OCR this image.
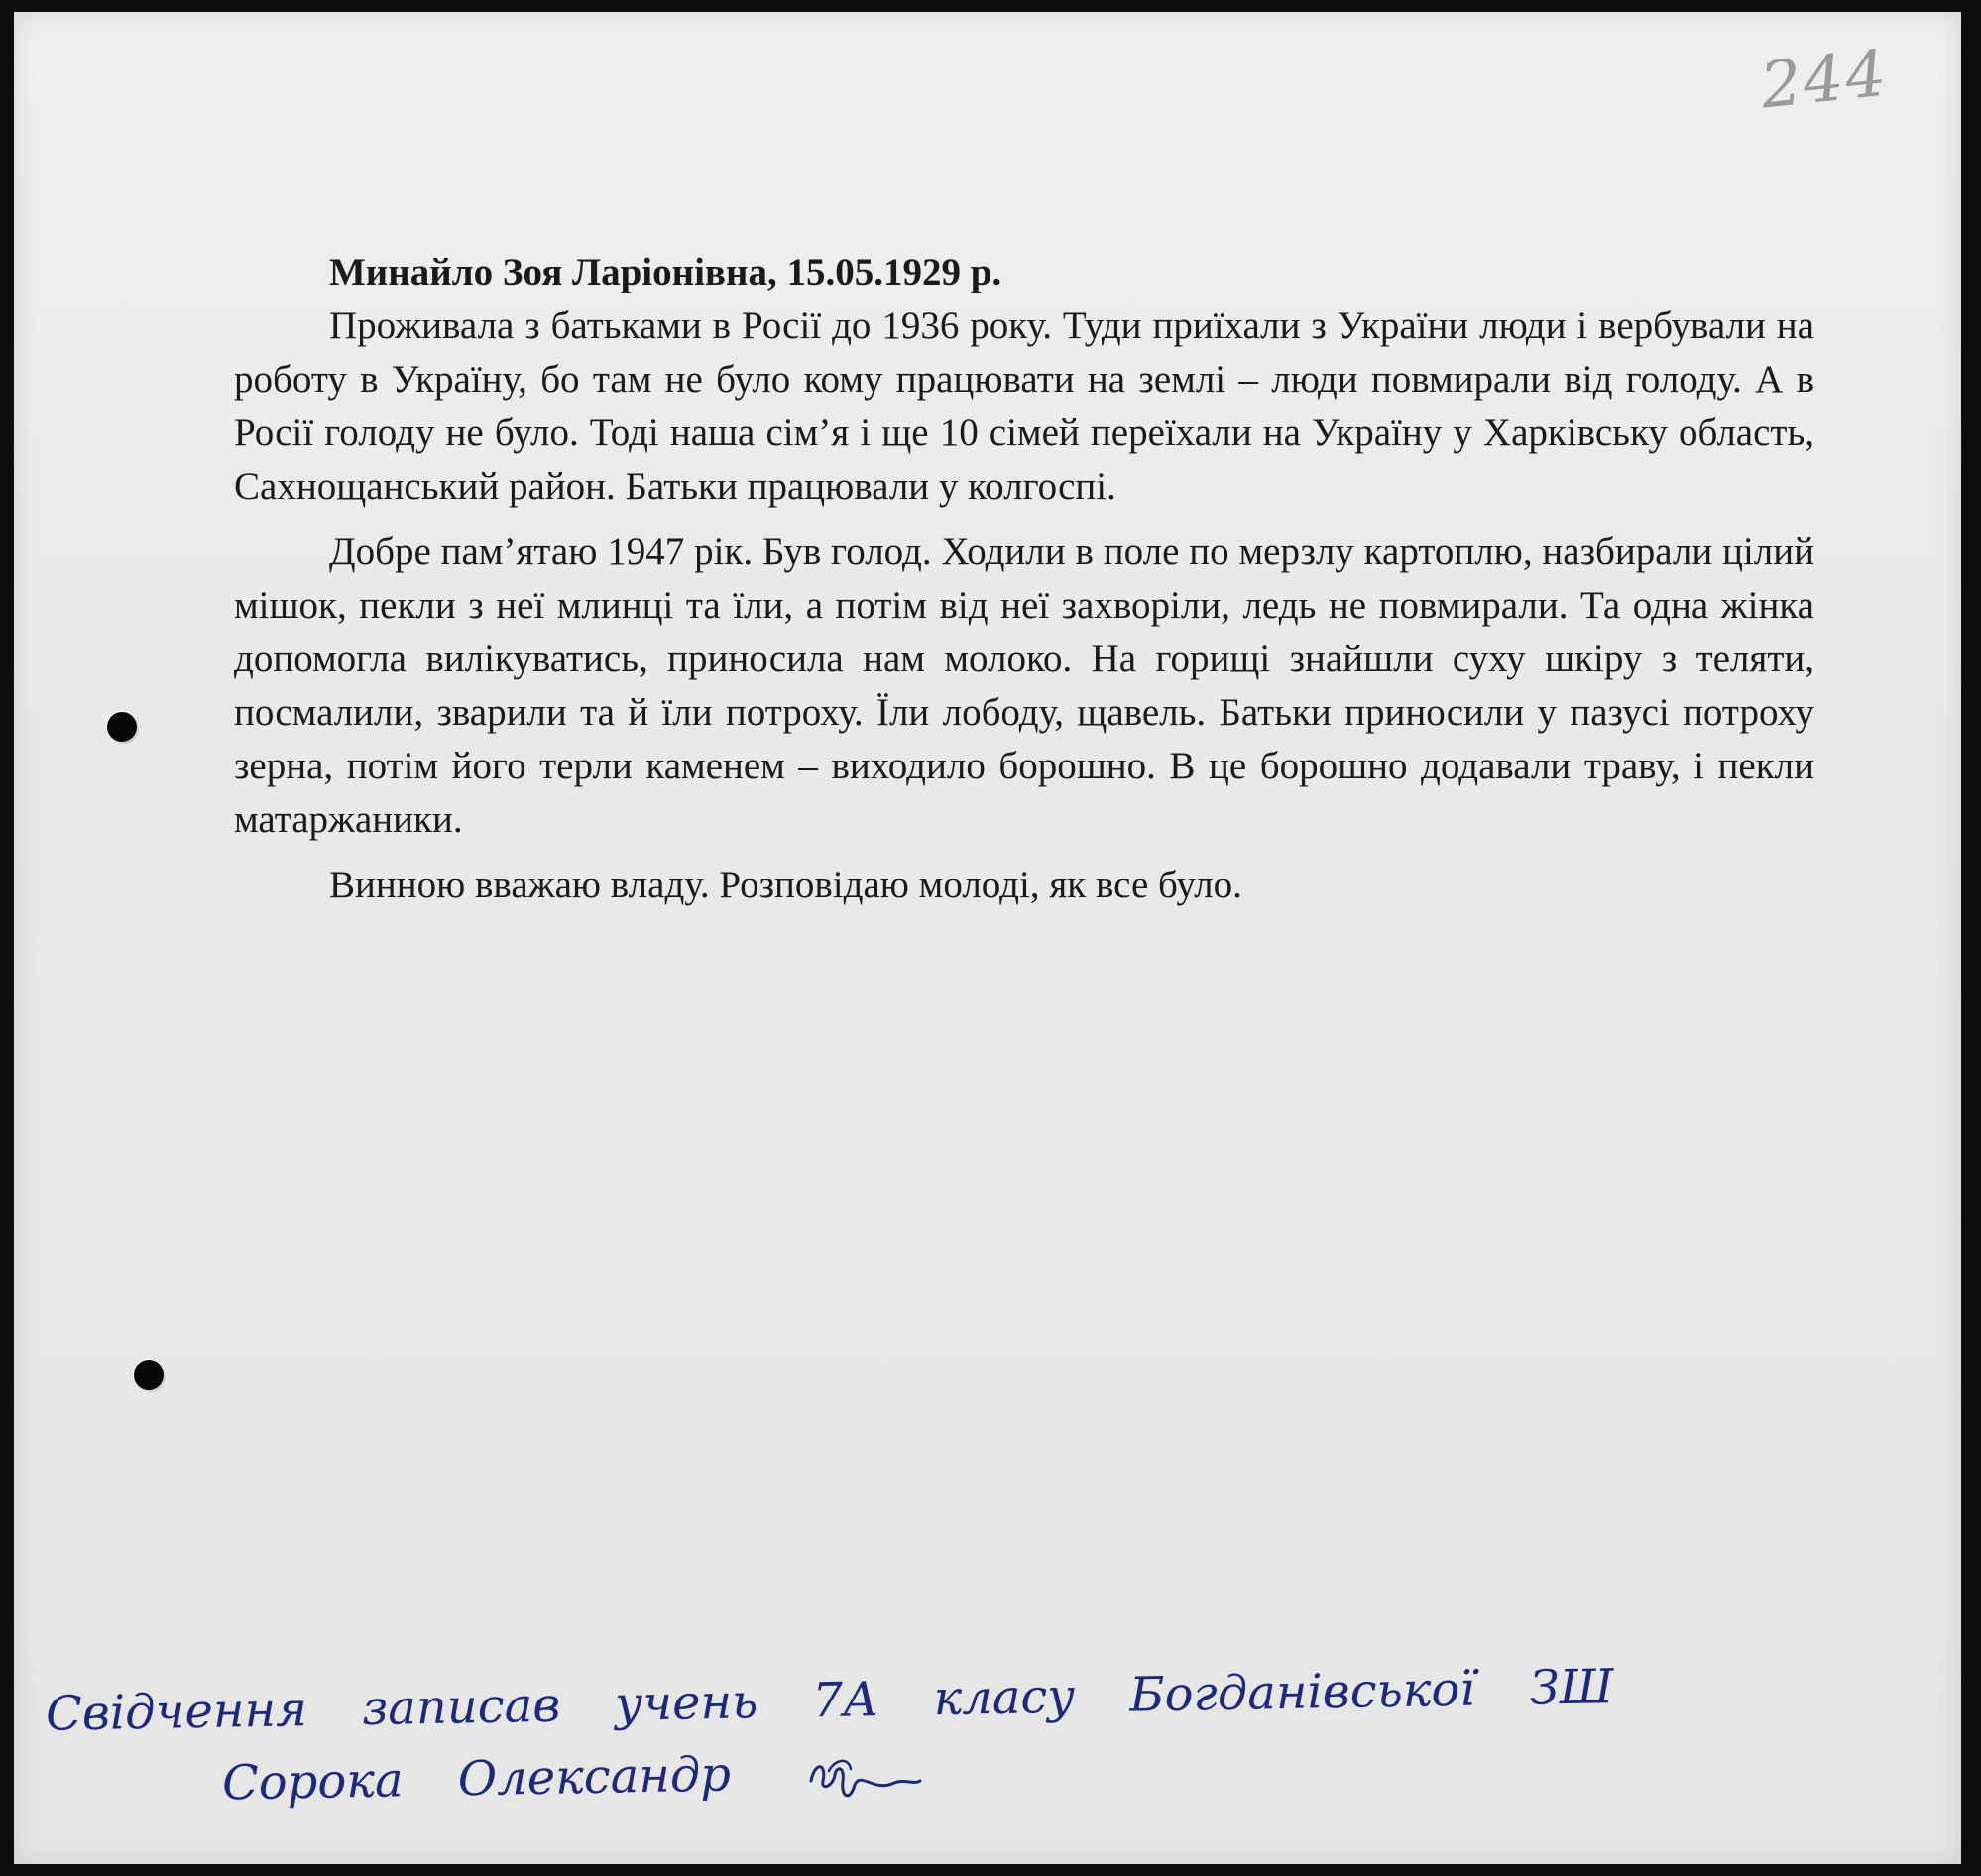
244

Минайло Зоя Ларіонівна, 15.05.1929 р.

Проживала з батьками в Росії до 1936 року. Туди приїхали з України люди і вербували на роботу в Україну, бо там не було кому працювати на землі – люди повмирали від голоду. А в Росії голоду не було. Тоді наша сім’я і ще 10 сімей переїхали на Україну у Харківську область, Сахнощанський район. Батьки працювали у колгоспі.

Добре пам’ятаю 1947 рік. Був голод. Ходили в поле по мерзлу картоплю, назбирали цілий мішок, пекли з неї млинці та їли, а потім від неї захворіли, ледь не повмирали. Та одна жінка допомогла вилікуватись, приносила нам молоко. На горищі знайшли суху шкіру з теляти, посмалили, зварили та й їли потроху. Їли лободу, щавель. Батьки приносили у пазусі потроху зерна, потім його терли каменем – виходило борошно. В це борошно додавали траву, і пекли матаржаники.

Винною вважаю владу. Розповідаю молоді, як все було.

Свідчення записав учень 7А класу Богданівської ЗШ
Сорока Олександр
